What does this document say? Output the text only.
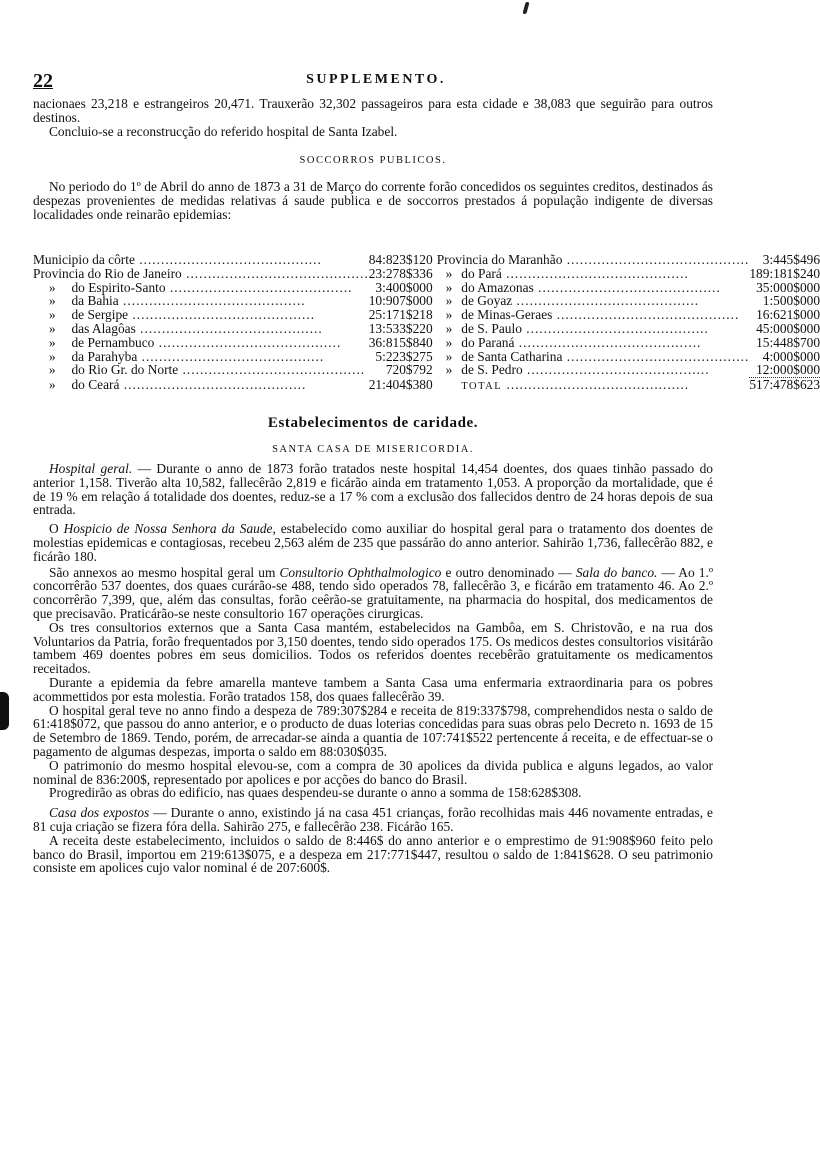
22	SUPPLEMENTO.

nacionaes 23,218 e estrangeiros 20,471. Trauxerão 32,302 passageiros para esta cidade e 38,083 que seguirão para outros destinos.

Concluio-se a reconstrucção do referido hospital de Santa Izabel.

SOCCORROS PUBLICOS.

No periodo do 1º de Abril do anno de 1873 a 31 de Março do corrente forão concedidos os seguintes creditos, destinados ás despezas provenientes de medidas relativas á saude publica e de soccorros prestados á população indigente de diversas localidades onde reinarão epidemias:

Municipio da côrte .....		84:823$120	Provincia do Maranhão .....		3:445$496

Provincia do Rio de Janeiro .....		23:278$336	»	do Pará .....	189:181$240
»	do Espirito-Santo .....	3:400$000	»	do Amazonas .....	35:000$000
»	da Bahia .....	10:907$000	»	de Goyaz .....	1:500$000
»	de Sergipe .....	25:171$218	»	de Minas-Geraes .....	16:621$000
»	das Alagôas .....	13:533$220	»	de S. Paulo .....	45:000$000
»	de Pernambuco .....	36:815$840	»	do Paraná .....	15:448$700
»	da Parahyba .....	5:223$275	»	de Santa Catharina .....	4:000$000
»	do Rio Gr. do Norte .....	720$792	»	de S. Pedro .....	12:000$000
»	do Ceará .....	21:404$380		TOTAL .....	517:478$623
Estabelecimentos de caridade.
SANTA CASA DE MISERICORDIA.

Hospital geral. — Durante o anno de 1873 forão tratados neste hospital 14,454 doentes, dos quaes tinhão passado do anterior 1,158. Tiverão alta 10,582, fallecêrão 2,819 e ficárão ainda em tratamento 1,053. A proporção da mortalidade, que é de 19 % em relação á totalidade dos doentes, reduz-se a 17 % com a exclusão dos fallecidos dentro de 24 horas depois de sua entrada.

O Hospicio de Nossa Senhora da Saude, estabelecido como auxiliar do hospital geral para o tratamento dos doentes de molestias epidemicas e contagiosas, recebeu 2,563 além de 235 que passárão do anno anterior. Sahirão 1,736, fallecêrão 882, e ficárão 180.

São annexos ao mesmo hospital geral um Consultorio Ophthalmologico e outro denominado — Sala do banco. — Ao 1.º concorrêrão 537 doentes, dos quaes curárão-se 488, tendo sido operados 78, fallecêrão 3, e ficárão em tratamento 46. Ao 2.º concorrêrão 7,399, que, além das consultas, forão ceêrão-se gratuitamente, na pharmacia do hospital, dos medicamentos de que precisavão. Praticárão-se neste consultorio 167 operações cirurgicas.

Os tres consultorios externos que a Santa Casa mantém, estabelecidos na Gambôa, em S. Christovão, e na rua dos Voluntarios da Patria, forão frequentados por 3,150 doentes, tendo sido operados 175. Os medicos destes consultorios visitárão tambem 469 doentes pobres em seus domicilios. Todos os referidos doentes recebêrão gratuitamente os medicamentos receitados.

Durante a epidemia da febre amarella manteve tambem a Santa Casa uma enfermaria extraordinaria para os pobres acommettidos por esta molestia. Forão tratados 158, dos quaes fallecêrão 39.

O hospital geral teve no anno findo a despeza de 789:307$284 e receita de 819:337$798, comprehendidos nesta o saldo de 61:418$072, que passou do anno anterior, e o producto de duas loterias concedidas para suas obras pelo Decreto n. 1693 de 15 de Setembro de 1869. Tendo, porém, de arrecadar-se ainda a quantia de 107:741$522 pertencente á receita, e de effectuar-se o pagamento de algumas despezas, importa o saldo em 88:030$035.

O patrimonio do mesmo hospital elevou-se, com a compra de 30 apolices da divida publica e alguns legados, ao valor nominal de 836:200$, representado por apolices e por acções do banco do Brasil.

Progredirão as obras do edificio, nas quaes despendeu-se durante o anno a somma de 158:628$308.

Casa dos expostos — Durante o anno, existindo já na casa 451 crianças, forão recolhidas mais 446 novamente entradas, e 81 cuja criação se fizera fóra della. Sahirão 275, e fallecêrão 238. Ficárão 165.

A receita deste estabelecimento, incluidos o saldo de 8:446$ do anno anterior e o emprestimo de 91:908$960 feito pelo banco do Brasil, importou em 219:613$075, e a despeza em 217:771$447, resultou o saldo de 1:841$628. O seu patrimonio consiste em apolices cujo valor nominal é de 207:600$.
